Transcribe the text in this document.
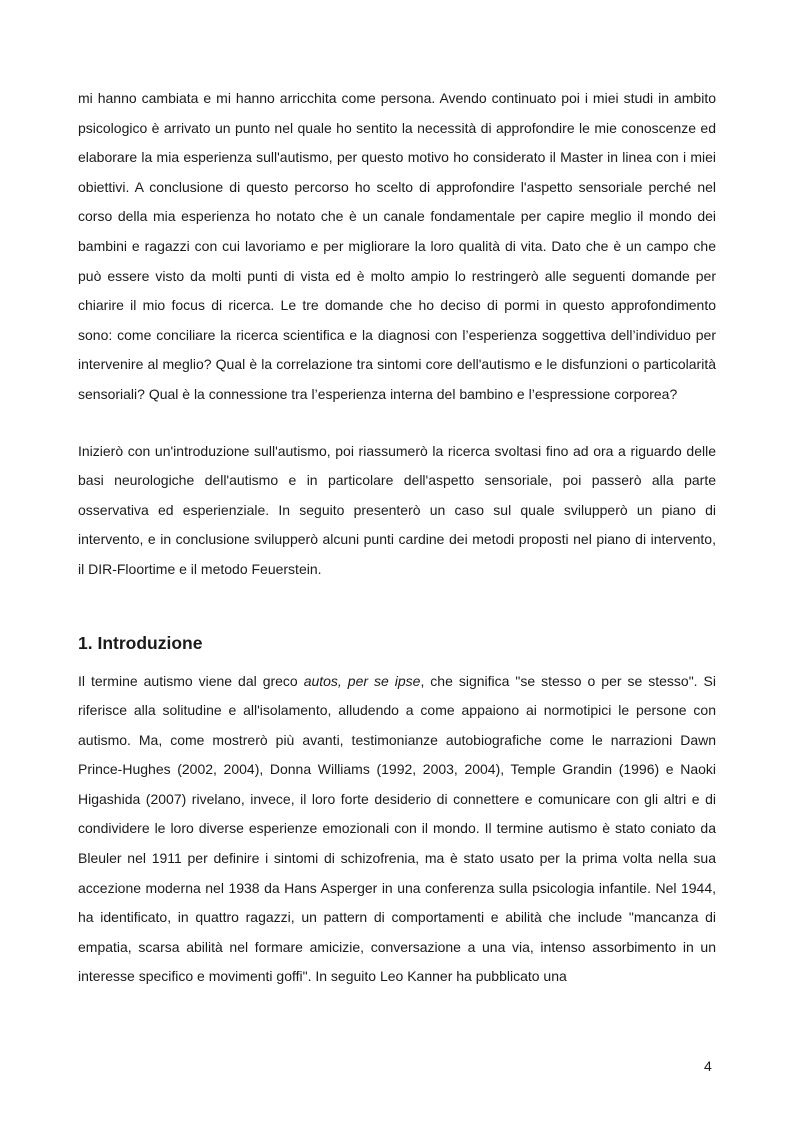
mi hanno cambiata e mi hanno arricchita come persona. Avendo continuato poi i miei studi in ambito psicologico è arrivato un punto nel quale ho sentito la necessità di approfondire le mie conoscenze ed elaborare la mia esperienza sull'autismo, per questo motivo ho considerato il Master in linea con i miei obiettivi. A conclusione di questo percorso ho scelto di approfondire l'aspetto sensoriale perché nel corso della mia esperienza ho notato che è un canale fondamentale per capire meglio il mondo dei bambini e ragazzi con cui lavoriamo e per migliorare la loro qualità di vita. Dato che è un campo che può essere visto da molti punti di vista ed è molto ampio lo restringerò alle seguenti domande per chiarire il mio focus di ricerca. Le tre domande che ho deciso di pormi in questo approfondimento sono: come conciliare la ricerca scientifica e la diagnosi con l’esperienza soggettiva dell’individuo per intervenire al meglio? Qual è la correlazione tra sintomi core dell'autismo e le disfunzioni o particolarità sensoriali? Qual è la connessione tra l’esperienza interna del bambino e l’espressione corporea?

Inizierò con un'introduzione sull'autismo, poi riassumerò la ricerca svoltasi fino ad ora a riguardo delle basi neurologiche dell'autismo e in particolare dell'aspetto sensoriale, poi passerò alla parte osservativa ed esperienziale. In seguito presenterò un caso sul quale svilupperò un piano di intervento, e in conclusione svilupperò alcuni punti cardine dei metodi proposti nel piano di intervento, il DIR-Floortime e il metodo Feuerstein.

1. Introduzione

Il termine autismo viene dal greco autos, per se ipse, che significa "se stesso o per se stesso". Si riferisce alla solitudine e all'isolamento, alludendo a come appaiono ai normotipici le persone con autismo. Ma, come mostrerò più avanti, testimonianze autobiografiche come le narrazioni Dawn Prince-Hughes (2002, 2004), Donna Williams (1992, 2003, 2004), Temple Grandin (1996) e Naoki Higashida (2007) rivelano, invece, il loro forte desiderio di connettere e comunicare con gli altri e di condividere le loro diverse esperienze emozionali con il mondo. Il termine autismo è stato coniato da Bleuler nel 1911 per definire i sintomi di schizofrenia, ma è stato usato per la prima volta nella sua accezione moderna nel 1938 da Hans Asperger in una conferenza sulla psicologia infantile. Nel 1944, ha identificato, in quattro ragazzi, un pattern di comportamenti e abilità che include "mancanza di empatia, scarsa abilità nel formare amicizie, conversazione a una via, intenso assorbimento in un interesse specifico e movimenti goffi". In seguito Leo Kanner ha pubblicato una

4
